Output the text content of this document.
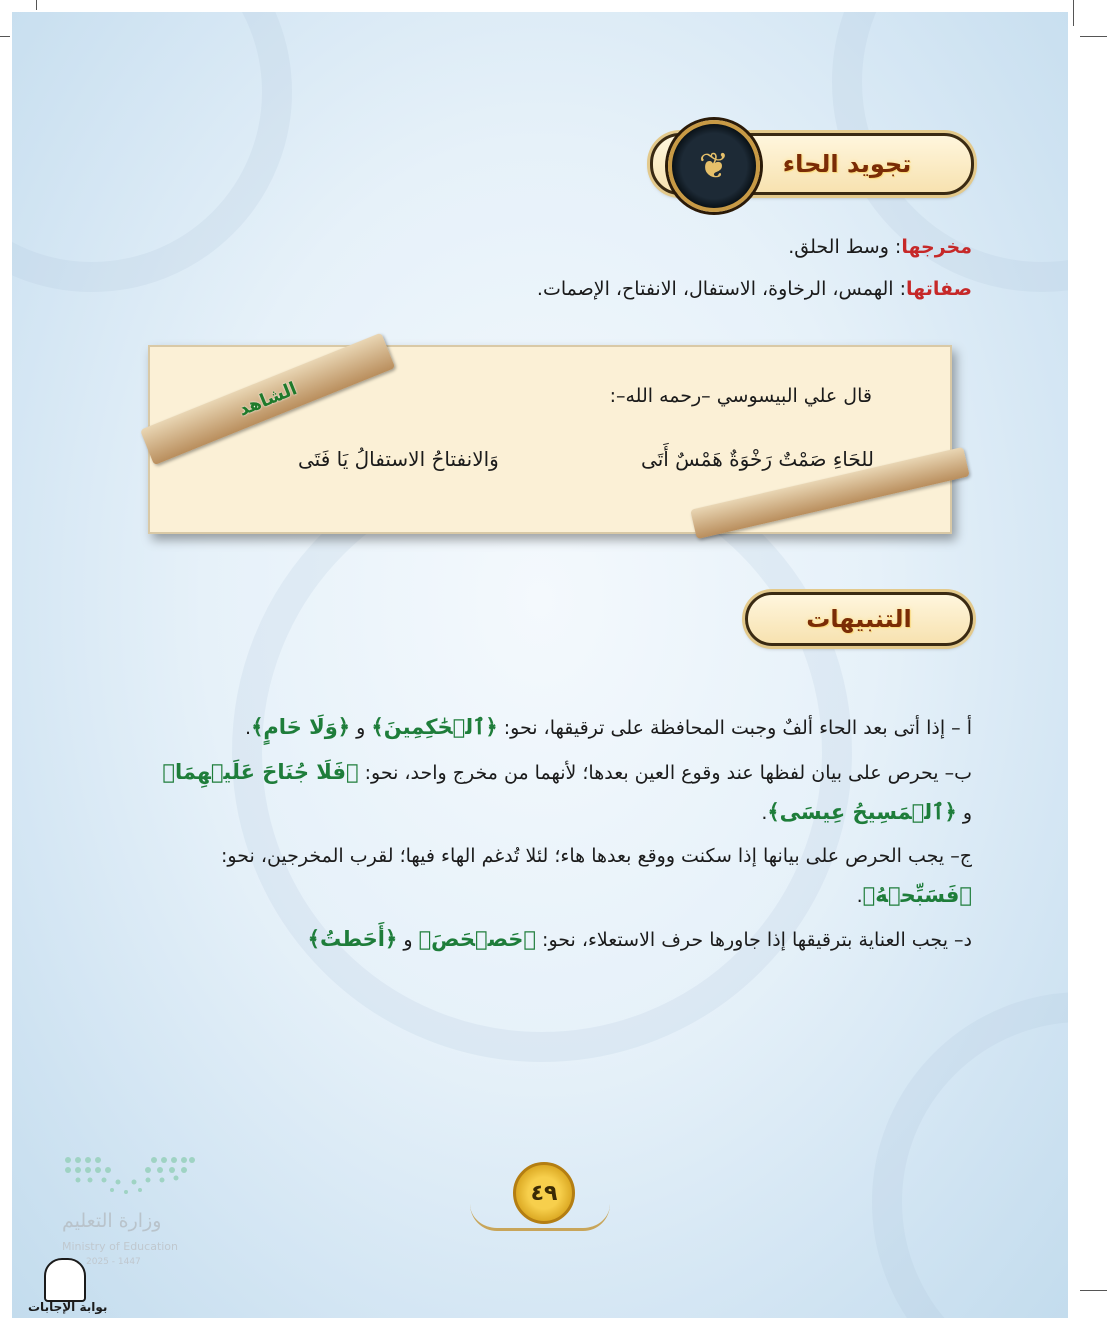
تجويد الحاء
❦
مخرجها: وسط الحلق.
صفاتها: الهمس، الرخاوة، الاستفال، الانفتاح، الإصمات.
قال علي البيسوسي –رحمه الله–:
للحَاءِ صَمْتٌ رَخْوَةٌ هَمْسٌ أَتَى
وَالانفتاحُ الاستفالُ يَا فَتَى
الشاهد
التنبيهات
أ – إذا أتى بعد الحاء ألفٌ وجبت المحافظة على ترقيقها، نحو: ﴿ٱلۡحَٰكِمِينَ﴾ و ﴿وَلَا حَامٍ﴾.
ب– يحرص على بيان لفظها عند وقوع العين بعدها؛ لأنهما من مخرج واحد، نحو: ﴿فَلَا جُنَاحَ عَلَيۡهِمَا﴾
و ﴿ٱلۡمَسِيحُ عِيسَى﴾.
ج– يجب الحرص على بيانها إذا سكنت ووقع بعدها هاء؛ لئلا تُدغم الهاء فيها؛ لقرب المخرجين، نحو:
﴿فَسَبِّحۡهُ﴾.
د– يجب العناية بترقيقها إذا جاورها حرف الاستعلاء، نحو: ﴿حَصۡحَصَ﴾ و ﴿أَحَطتُ﴾
٤٩
وزارة التعليم
Ministry of Education
2025 - 1447
بوابة الإجابات
